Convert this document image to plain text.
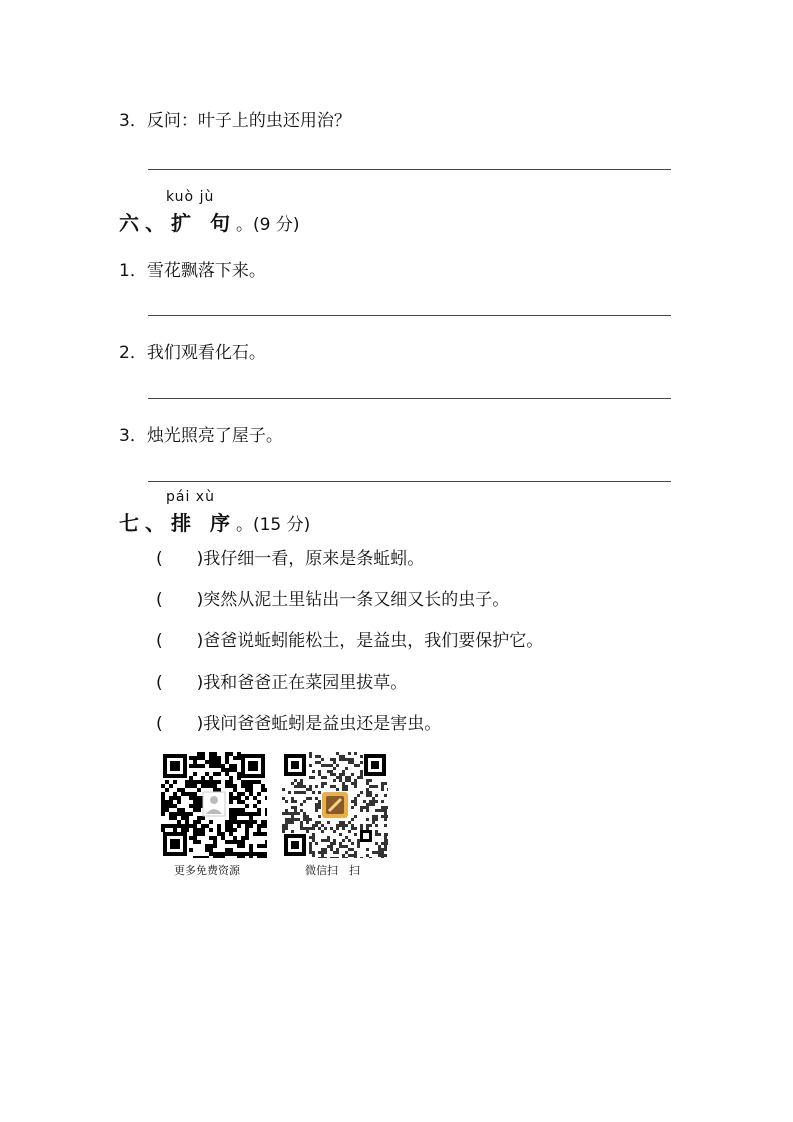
3．反问：叶子上的虫还用治？
kuò jù
六、扩 句。(9 分)
1．雪花飘落下来。
2．我们观看化石。
3．烛光照亮了屋子。
pái xù
七、排 序。(15 分)
(　　)我仔细一看，原来是条蚯蚓。
(　　)突然从泥土里钻出一条又细又长的虫子。
(　　)爸爸说蚯蚓能松土，是益虫，我们要保护它。
(　　)我和爸爸正在菜园里拔草。
(　　)我问爸爸蚯蚓是益虫还是害虫。
更多免费资源	微信扫　扫
